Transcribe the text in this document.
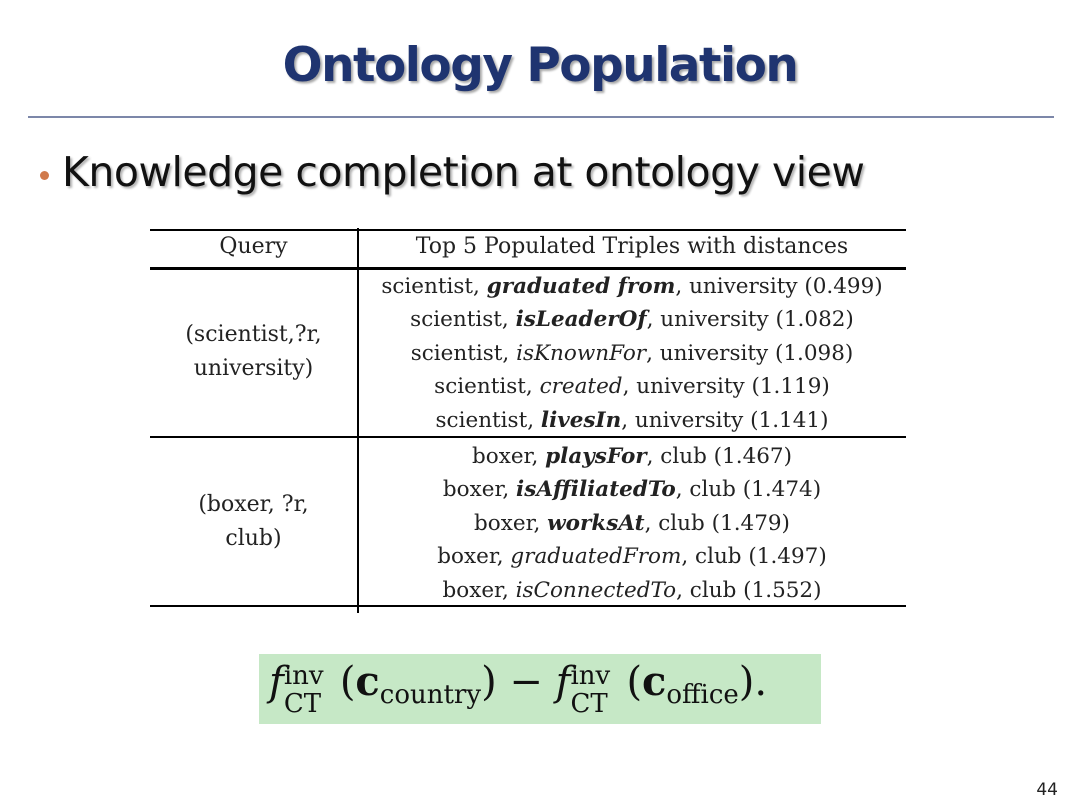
Ontology Population
Knowledge completion at ontology view
Query	Top 5 Populated Triples with distances
(scientist,?r,
university)
scientist, graduated from, university (0.499)
scientist, isLeaderOf, university (1.082)
scientist, isKnownFor, university (1.098)
scientist, created, university (1.119)
scientist, livesIn, university (1.141)
(boxer, ?r,
club)
boxer, playsFor, club (1.467)
boxer, isAffiliatedTo, club (1.474)
boxer, worksAt, club (1.479)
boxer, graduatedFrom, club (1.497)
boxer, isConnectedTo, club (1.552)
f inv
CT (ccountry) − f inv
CT (coffice).
44
